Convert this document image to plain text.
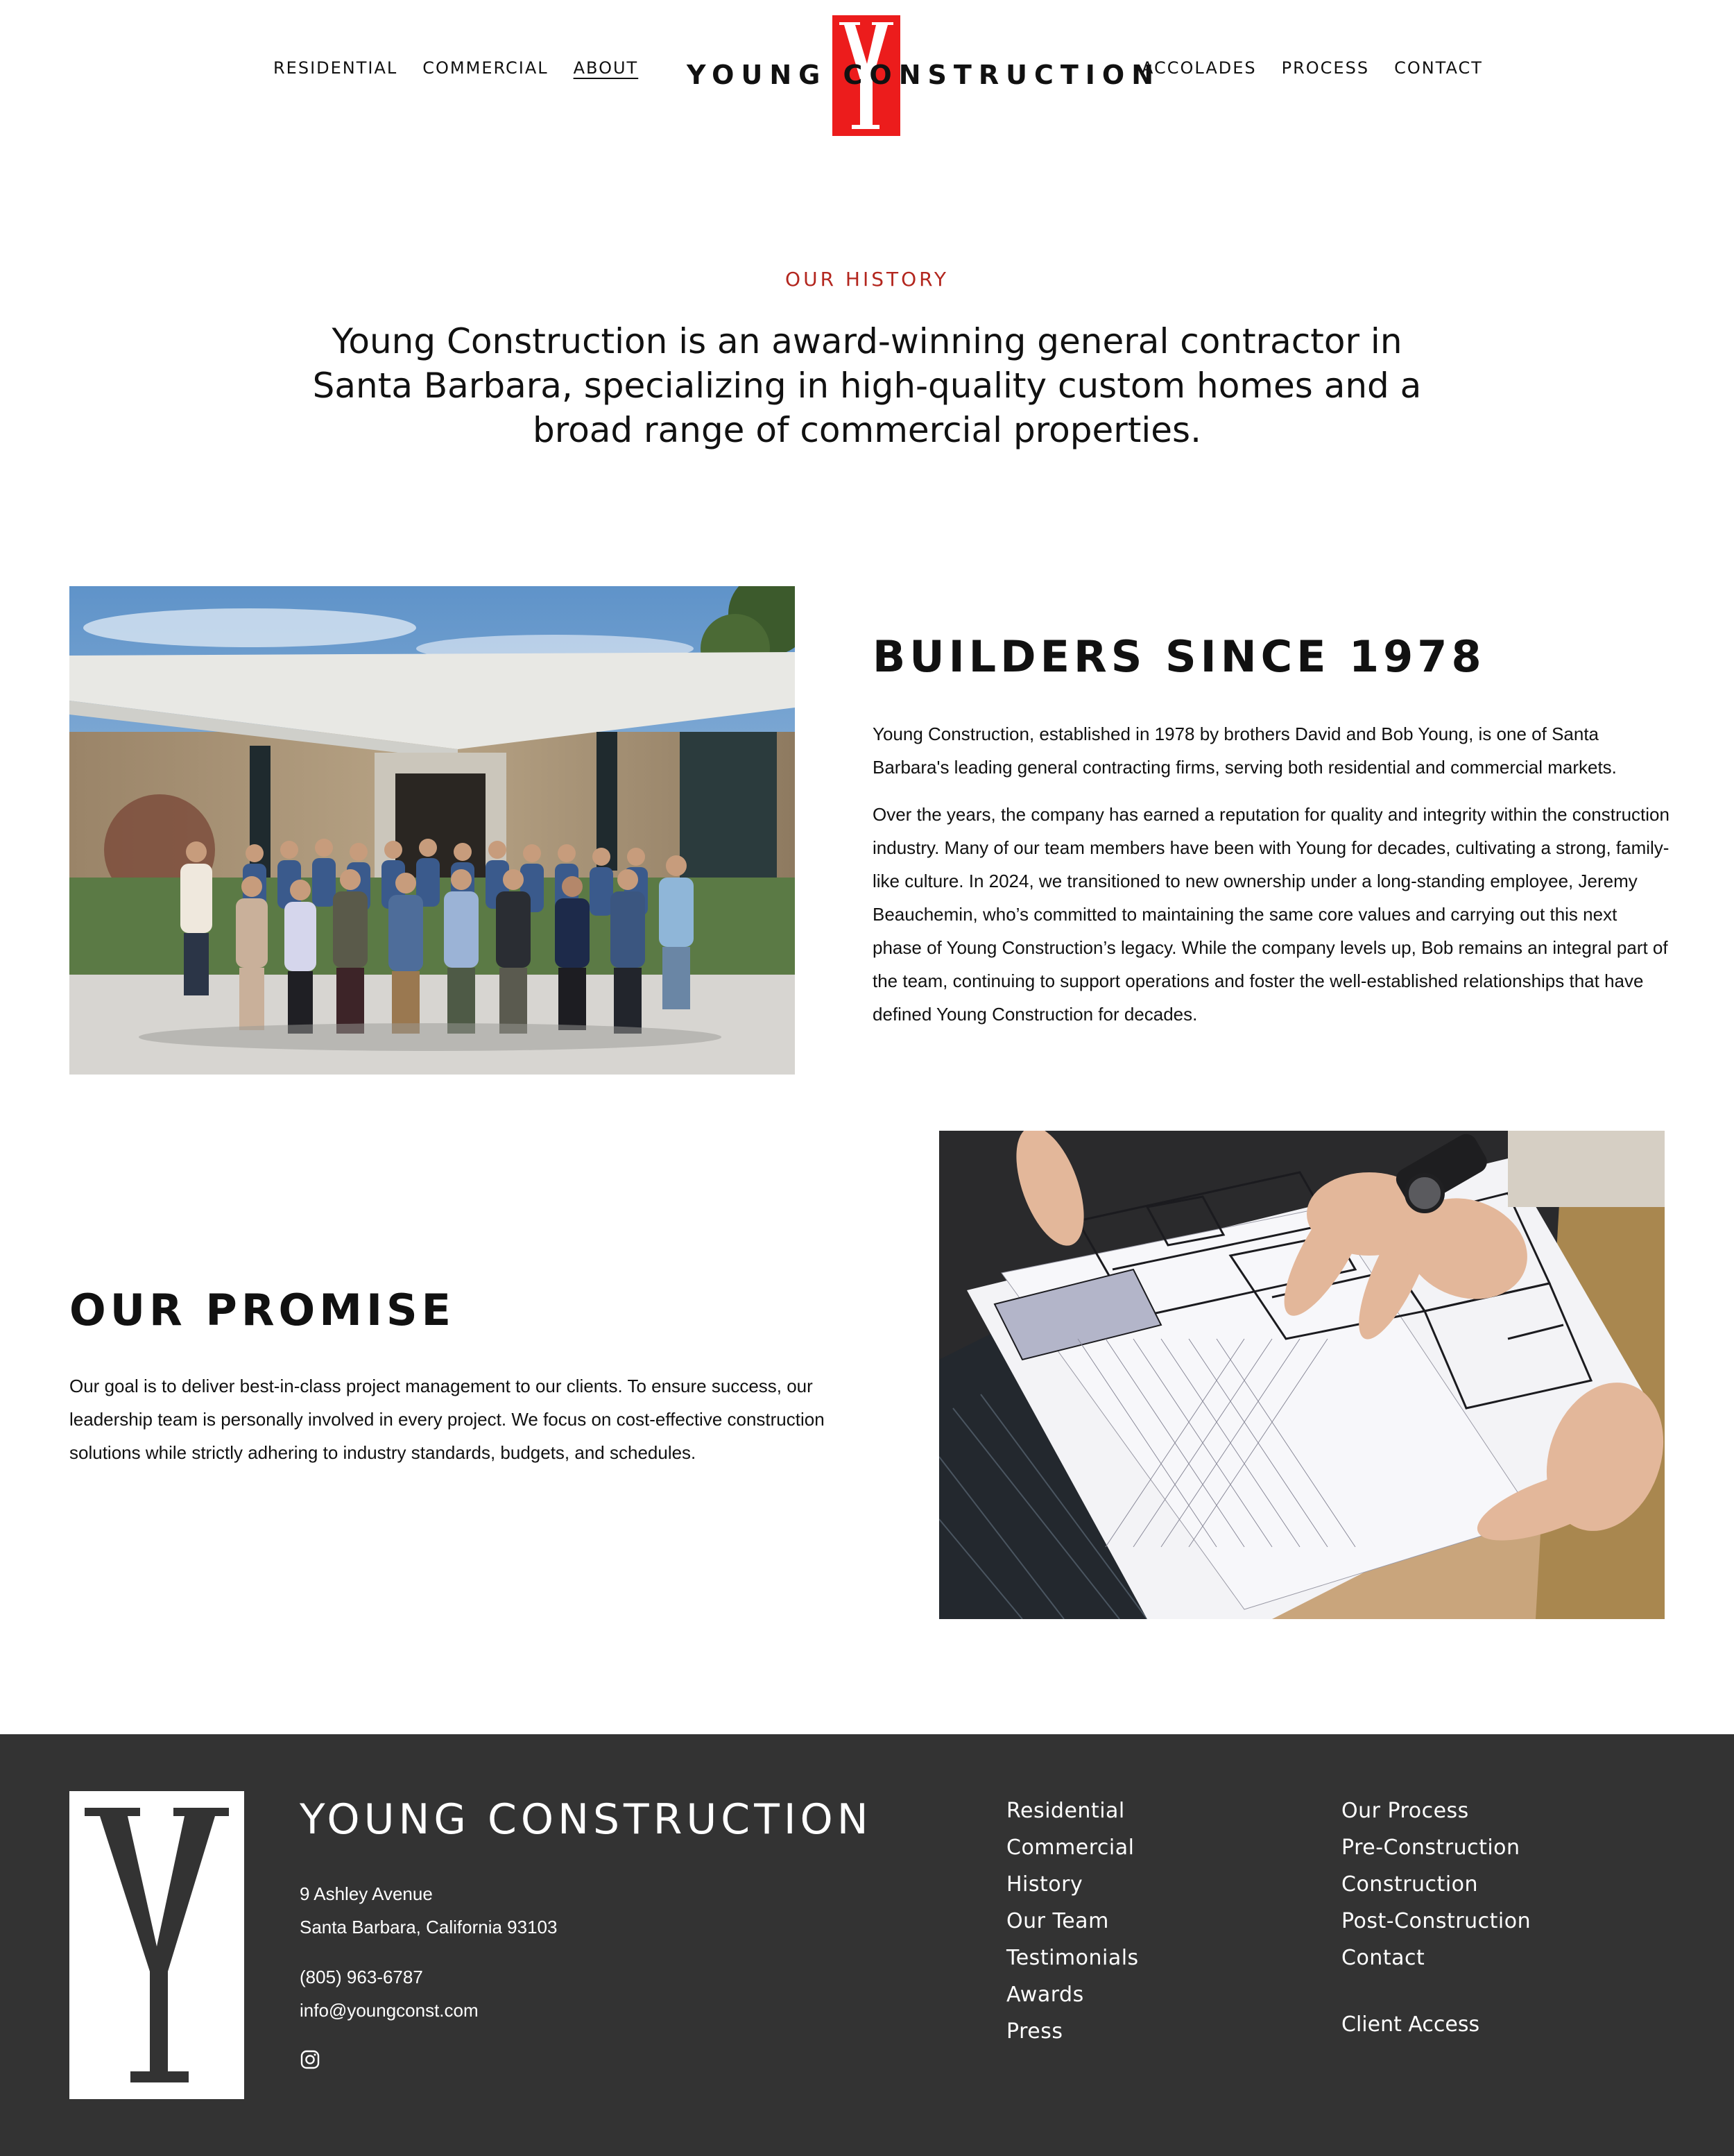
RESIDENTIAL COMMERCIAL ABOUT YOUNG CONSTRUCTION
ACCOLADES PROCESS CONTACT
OUR HISTORY

Young Construction is an award-winning general contractor in Santa Barbara, specializing in high-quality custom homes and a broad range of commercial properties.

BUILDERS SINCE 1978

Young Construction, established in 1978 by brothers David and Bob Young, is one of Santa Barbara's leading general contracting firms, serving both residential and commercial markets.

Over the years, the company has earned a reputation for quality and integrity within the construction industry. Many of our team members have been with Young for decades, cultivating a strong, family-like culture. In 2024, we transitioned to new ownership under a long-standing employee, Jeremy Beauchemin, who’s committed to maintaining the same core values and carrying out this next phase of Young Construction’s legacy. While the company levels up, Bob remains an integral part of the team, continuing to support operations and foster the well-established relationships that have defined Young Construction for decades.

OUR PROMISE

Our goal is to deliver best-in-class project management to our clients. To ensure success, our leadership team is personally involved in every project. We focus on cost-effective construction solutions while strictly adhering to industry standards, budgets, and schedules.

YOUNG CONSTRUCTION
9 Ashley Avenue
Santa Barbara, California 93103
(805) 963-6787
info@youngconst.com
Residential
Commercial
History
Our Team
Testimonials
Awards
Press
Our Process
Pre-Construction
Construction
Post-Construction
Contact
Client Access
